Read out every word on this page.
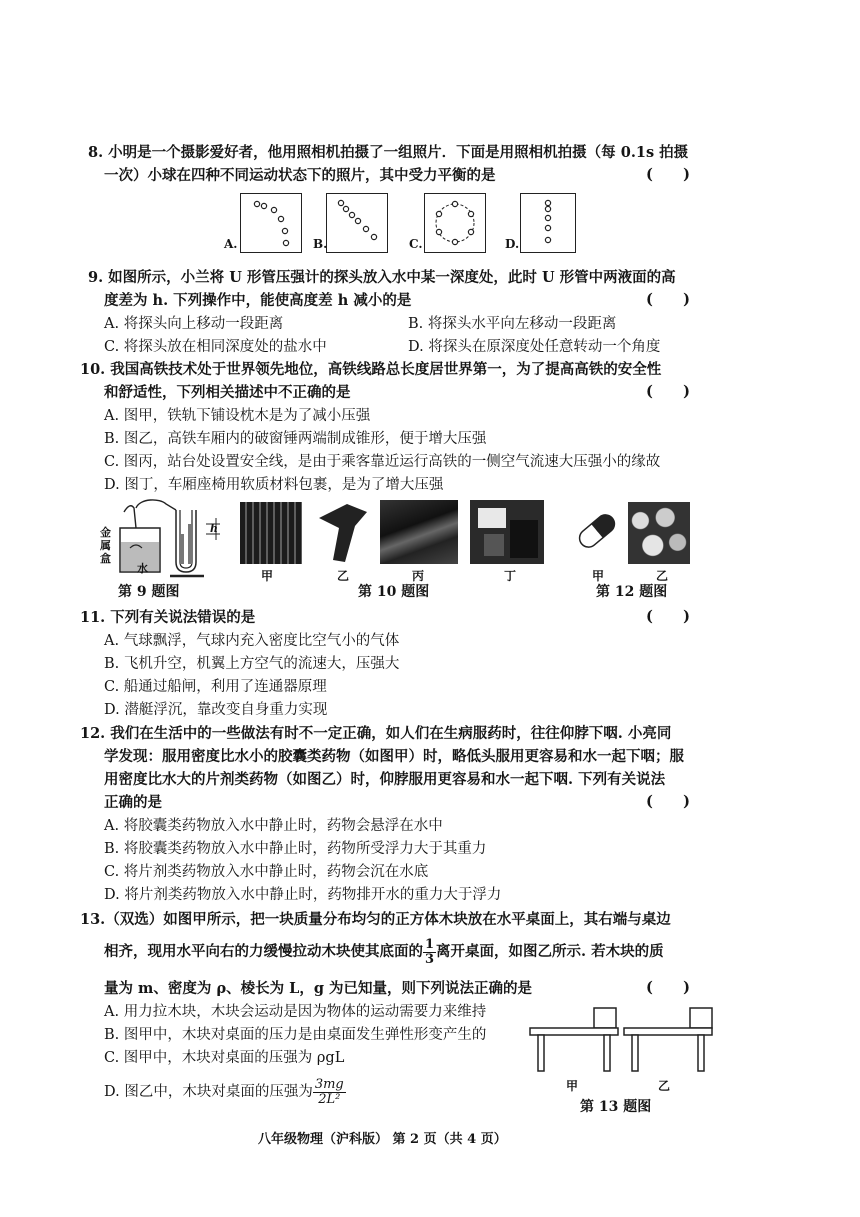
8. 小明是一个摄影爱好者，他用照相机拍摄了一组照片．下面是用照相机拍摄（每 0.1s 拍摄
一次）小球在四种不同运动状态下的照片，其中受力平衡的是	(      )
A.	B.	C.	D.
9. 如图所示，小兰将 U 形管压强计的探头放入水中某一深度处，此时 U 形管中两液面的高
度差为 h. 下列操作中，能使高度差 h 减小的是	(      )
A. 将探头向上移动一段距离	B. 将探头水平向左移动一段距离
C. 将探头放在相同深度处的盐水中	D. 将探头在原深度处任意转动一个角度
10. 我国高铁技术处于世界领先地位，高铁线路总长度居世界第一，为了提高高铁的安全性
和舒适性，下列相关描述中不正确的是	(      )
A. 图甲，铁轨下铺设枕木是为了减小压强
B. 图乙，高铁车厢内的破窗锤两端制成锥形，便于增大压强
C. 图丙，站台处设置安全线，是由于乘客靠近运行高铁的一侧空气流速大压强小的缘故
D. 图丁，车厢座椅用软质材料包裹，是为了增大压强
金属盒
水
h
第 9 题图
甲	乙	丙	丁
第 10 题图
甲	乙
第 12 题图
11. 下列有关说法错误的是	(      )
A. 气球飘浮，气球内充入密度比空气小的气体
B. 飞机升空，机翼上方空气的流速大，压强大
C. 船通过船闸，利用了连通器原理
D. 潜艇浮沉，靠改变自身重力实现
12. 我们在生活中的一些做法有时不一定正确，如人们在生病服药时，往往仰脖下咽. 小亮同
学发现：服用密度比水小的胶囊类药物（如图甲）时，略低头服用更容易和水一起下咽；服
用密度比水大的片剂类药物（如图乙）时，仰脖服用更容易和水一起下咽. 下列有关说法
正确的是	(      )
A. 将胶囊类药物放入水中静止时，药物会悬浮在水中
B. 将胶囊类药物放入水中静止时，药物所受浮力大于其重力
C. 将片剂类药物放入水中静止时，药物会沉在水底
D. 将片剂类药物放入水中静止时，药物排开水的重力大于浮力
13.（双选）如图甲所示，把一块质量分布均匀的正方体木块放在水平桌面上，其右端与桌边
相齐，现用水平向右的力缓慢拉动木块使其底面的 $\frac{1}{3}$ 离开桌面，如图乙所示. 若木块的质
量为 m、密度为 ρ、棱长为 L，g 为已知量，则下列说法正确的是	(      )
A. 用力拉木块，木块会运动是因为物体的运动需要力来维持
B. 图甲中，木块对桌面的压力是由桌面发生弹性形变产生的
C. 图甲中，木块对桌面的压强为 ρgL
D. 图乙中，木块对桌面的压强为 $\frac{3mg}{\text{2L²}}$	甲	乙
第 13 题图
八年级物理（沪科版） 第 2 页（共 4 页）
